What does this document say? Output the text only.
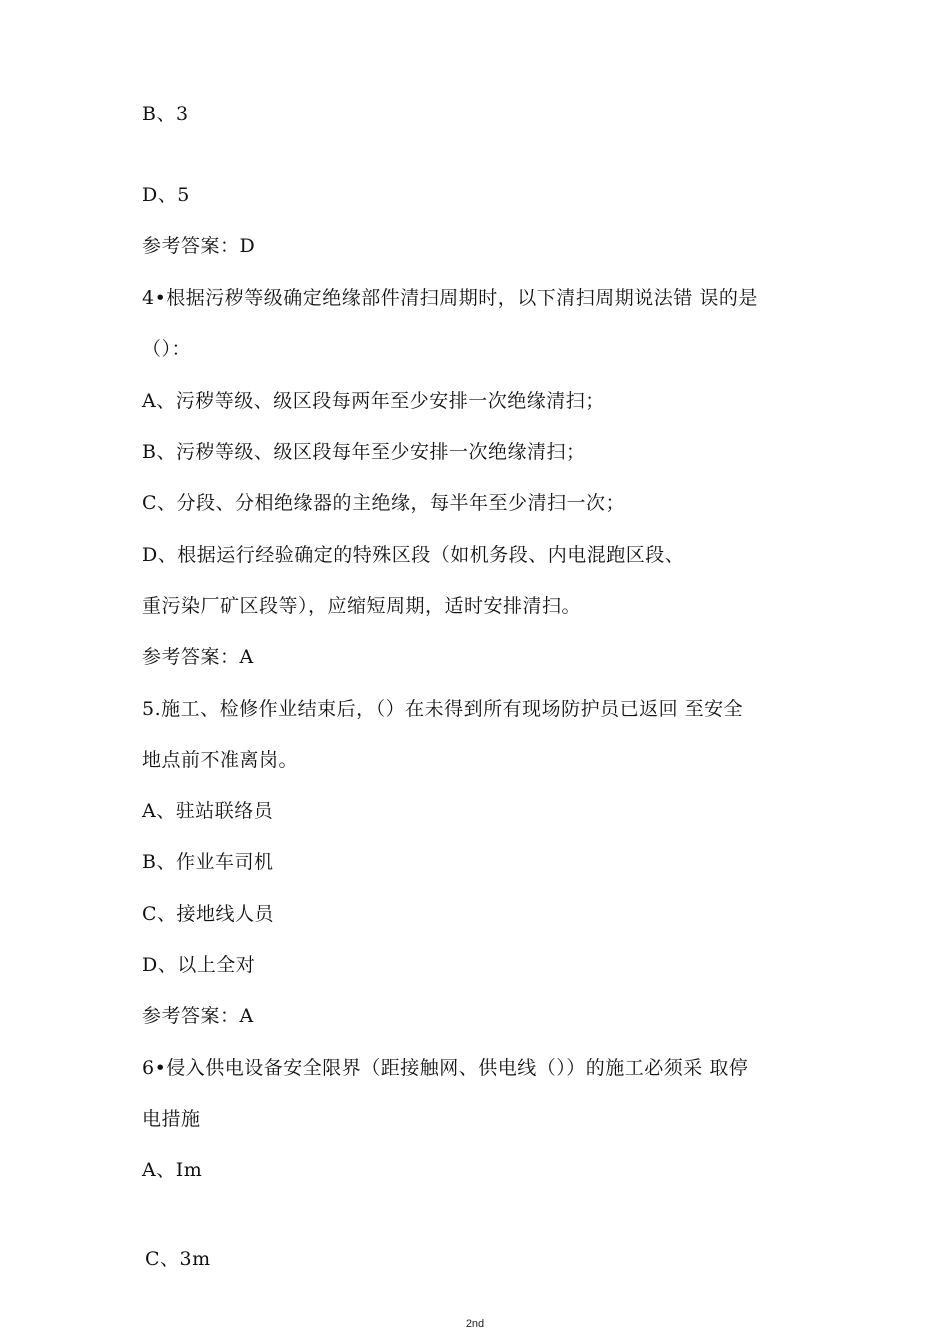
B、3
D、5
参考答案：D
4•根据污秽等级确定绝缘部件清扫周期时，以下清扫周期说法错 误的是
（）：
A、污秽等级、级区段每两年至少安排一次绝缘清扫；
B、污秽等级、级区段每年至少安排一次绝缘清扫；
C、分段、分相绝缘器的主绝缘，每半年至少清扫一次；
D、根据运行经验确定的特殊区段（如机务段、内电混跑区段、
重污染厂矿区段等），应缩短周期，适时安排清扫。
参考答案：A
5.施工、检修作业结束后，（）在未得到所有现场防护员已返回 至安全
地点前不准离岗。
A、驻站联络员
B、作业车司机
C、接地线人员
D、以上全对
参考答案：A
6•侵入供电设备安全限界（距接触网、供电线（））的施工必须采 取停
电措施
A、Im
C、3m
2nd
